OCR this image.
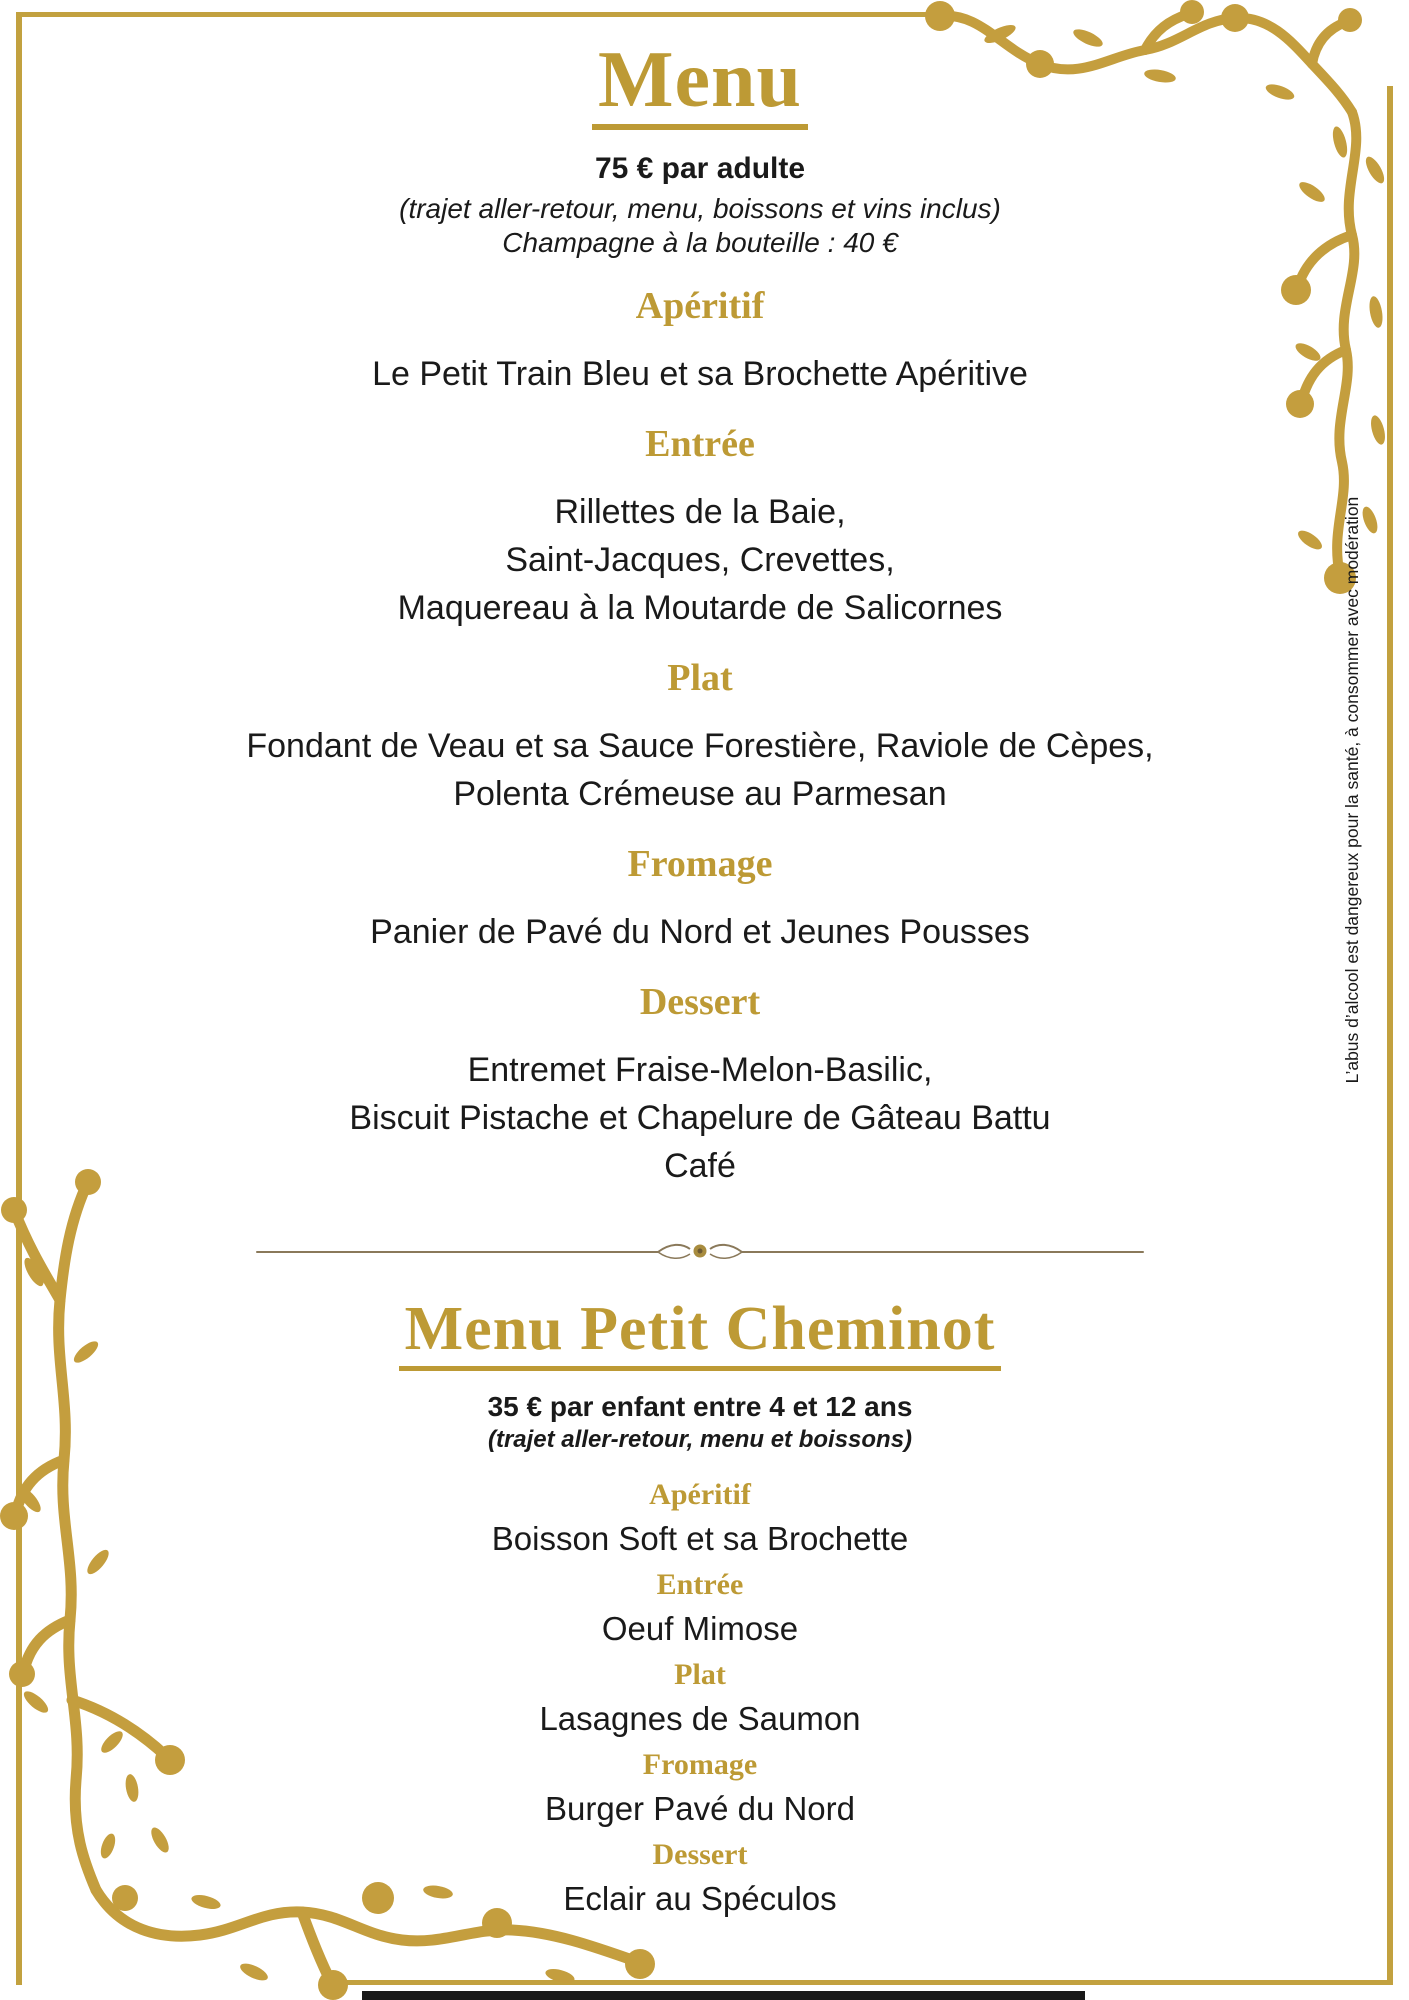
L’abus d’alcool est dangereux pour la santé, à consommer avec modération
Menu
75 € par adulte
(trajet aller-retour, menu, boissons et vins inclus)
Champagne à la bouteille : 40 €
Apéritif
Le Petit Train Bleu et sa Brochette Apéritive
Entrée
Rillettes de la Baie,
Saint-Jacques, Crevettes,
Maquereau à la Moutarde de Salicornes
Plat
Fondant de Veau et sa Sauce Forestière, Raviole de Cèpes,
Polenta Crémeuse au Parmesan
Fromage
Panier de Pavé du Nord et Jeunes Pousses
Dessert
Entremet Fraise-Melon-Basilic,
Biscuit Pistache et Chapelure de Gâteau Battu
Café
Menu Petit Cheminot
35 € par enfant entre 4 et 12 ans
(trajet aller-retour, menu et boissons)
Apéritif
Boisson Soft et sa Brochette
Entrée
Oeuf Mimose
Plat
Lasagnes de Saumon
Fromage
Burger Pavé du Nord
Dessert
Eclair au Spéculos
